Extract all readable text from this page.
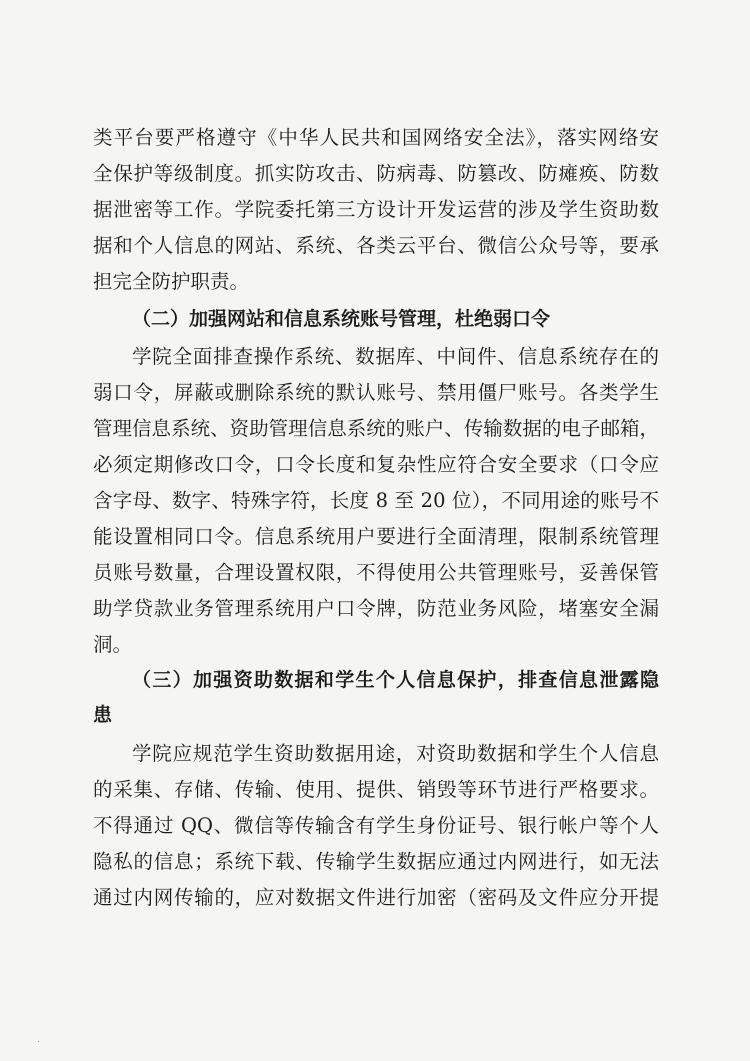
类平台要严格遵守《中华人民共和国网络安全法》，落实网络安
全保护等级制度。抓实防攻击、防病毒、防篡改、防瘫痪、防数
据泄密等工作。学院委托第三方设计开发运营的涉及学生资助数
据和个人信息的网站、系统、各类云平台、微信公众号等，要承
担完全防护职责。
（二）加强网站和信息系统账号管理，杜绝弱口令
学院全面排查操作系统、数据库、中间件、信息系统存在的
弱口令，屏蔽或删除系统的默认账号、禁用僵尸账号。各类学生
管理信息系统、资助管理信息系统的账户、传输数据的电子邮箱，
必须定期修改口令，口令长度和复杂性应符合安全要求（口令应
含字母、数字、特殊字符，长度 8 至 20 位），不同用途的账号不
能设置相同口令。信息系统用户要进行全面清理，限制系统管理
员账号数量，合理设置权限，不得使用公共管理账号，妥善保管
助学贷款业务管理系统用户口令牌，防范业务风险，堵塞安全漏
洞。
（三）加强资助数据和学生个人信息保护，排查信息泄露隐
患
学院应规范学生资助数据用途，对资助数据和学生个人信息
的采集、存储、传输、使用、提供、销毁等环节进行严格要求。
不得通过 QQ、微信等传输含有学生身份证号、银行帐户等个人
隐私的信息；系统下载、传输学生数据应通过内网进行，如无法
通过内网传输的，应对数据文件进行加密（密码及文件应分开提
